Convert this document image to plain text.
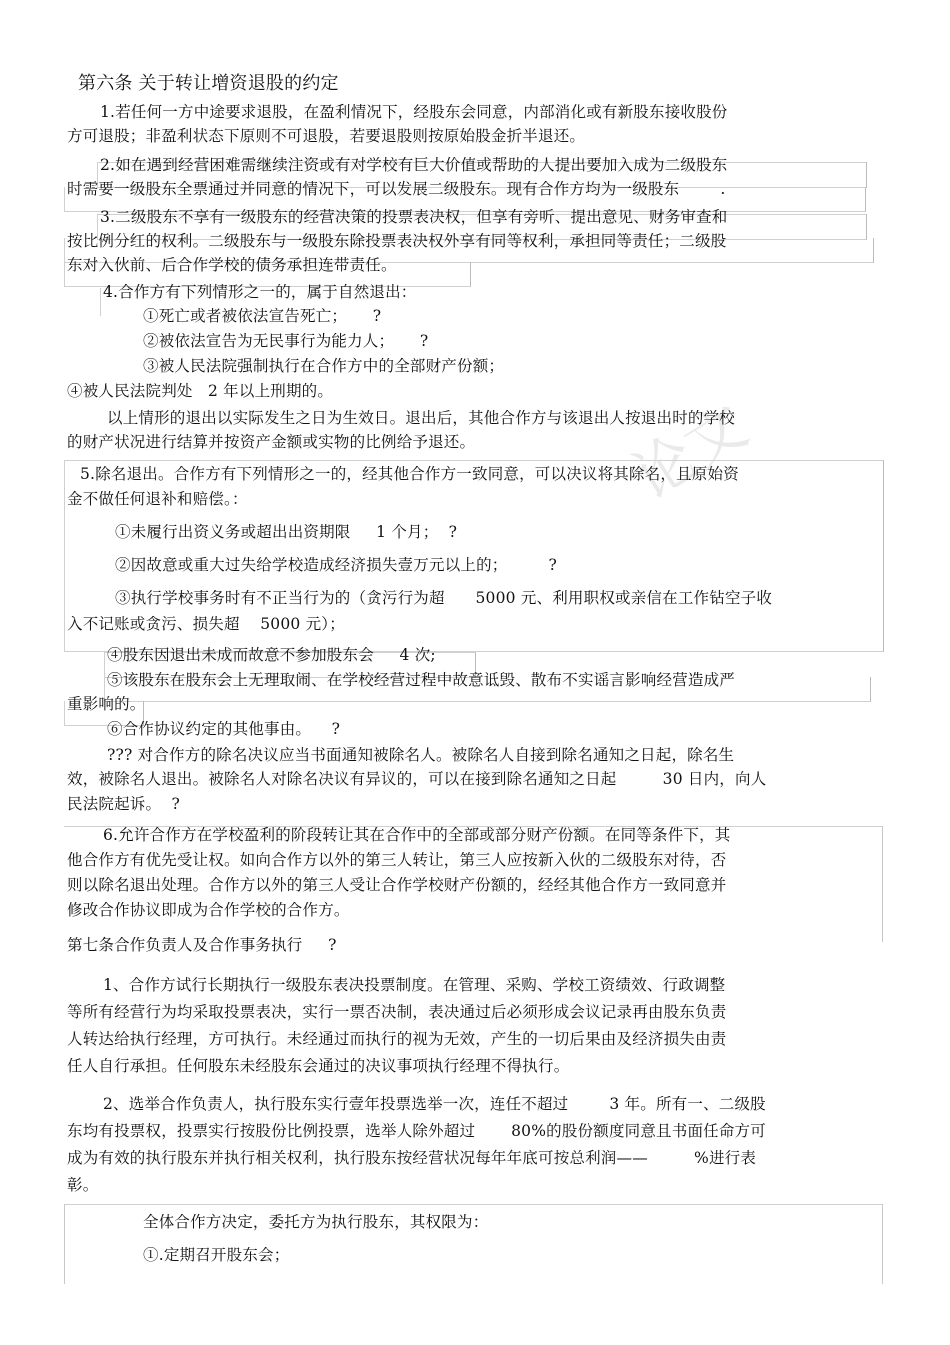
论文
第六条 关于转让增资退股的约定
1.若任何一方中途要求退股，在盈利情况下，经股东会同意，内部消化或有新股东接收股份
方可退股；非盈利状态下原则不可退股，若要退股则按原始股金折半退还。
2.如在遇到经营困难需继续注资或有对学校有巨大价值或帮助的人提出要加入成为二级股东
时需要一级股东全票通过并同意的情况下，可以发展二级股东。现有合作方均为一级股东        .
3.二级股东不享有一级股东的经营决策的投票表决权，但享有旁听、提出意见、财务审查和
按比例分红的权利。二级股东与一级股东除投票表决权外享有同等权利，承担同等责任；二级股
东对入伙前、后合作学校的债务承担连带责任。
4.合作方有下列情形之一的，属于自然退出：
①死亡或者被依法宣告死亡；     ?
②被依法宣告为无民事行为能力人；     ?
③被人民法院强制执行在合作方中的全部财产份额；
④被人民法院判处   2 年以上刑期的。
以上情形的退出以实际发生之日为生效日。退出后，其他合作方与该退出人按退出时的学校
的财产状况进行结算并按资产金额或实物的比例给予退还。
5.除名退出。合作方有下列情形之一的，经其他合作方一致同意，可以决议将其除名，且原始资
金不做任何退补和赔偿。：
①未履行出资义务或超出出资期限     1 个月；  ?
②因故意或重大过失给学校造成经济损失壹万元以上的；        ?
③执行学校事务时有不正当行为的（贪污行为超      5000 元、利用职权或亲信在工作钻空子收
入不记账或贪污、损失超    5000 元）；
④股东因退出未成而故意不参加股东会     4 次;
⑤该股东在股东会上无理取闹、在学校经营过程中故意诋毁、散布不实谣言影响经营造成严
重影响的。
⑥合作协议约定的其他事由。    ?
??? 对合作方的除名决议应当书面通知被除名人。被除名人自接到除名通知之日起，除名生
效，被除名人退出。被除名人对除名决议有异议的，可以在接到除名通知之日起         30 日内，向人
民法院起诉。  ?
6.允许合作方在学校盈利的阶段转让其在合作中的全部或部分财产份额。在同等条件下，其
他合作方有优先受让权。如向合作方以外的第三人转让，第三人应按新入伙的二级股东对待，否
则以除名退出处理。合作方以外的第三人受让合作学校财产份额的，经经其他合作方一致同意并
修改合作协议即成为合作学校的合作方。
第七条合作负责人及合作事务执行     ?
1、合作方试行长期执行一级股东表决投票制度。在管理、采购、学校工资绩效、行政调整
等所有经营行为均采取投票表决，实行一票否决制，表决通过后必须形成会议记录再由股东负责
人转达给执行经理，方可执行。未经通过而执行的视为无效，产生的一切后果由及经济损失由责
任人自行承担。任何股东未经股东会通过的决议事项执行经理不得执行。
2、选举合作负责人，执行股东实行壹年投票选举一次，连任不超过        3 年。所有一、二级股
东均有投票权，投票实行按股份比例投票，选举人除外超过       80%的股份额度同意且书面任命方可
成为有效的执行股东并执行相关权利，执行股东按经营状况每年年底可按总利润——         %进行表
彰。
全体合作方决定，委托方为执行股东，其权限为：
①.定期召开股东会；
